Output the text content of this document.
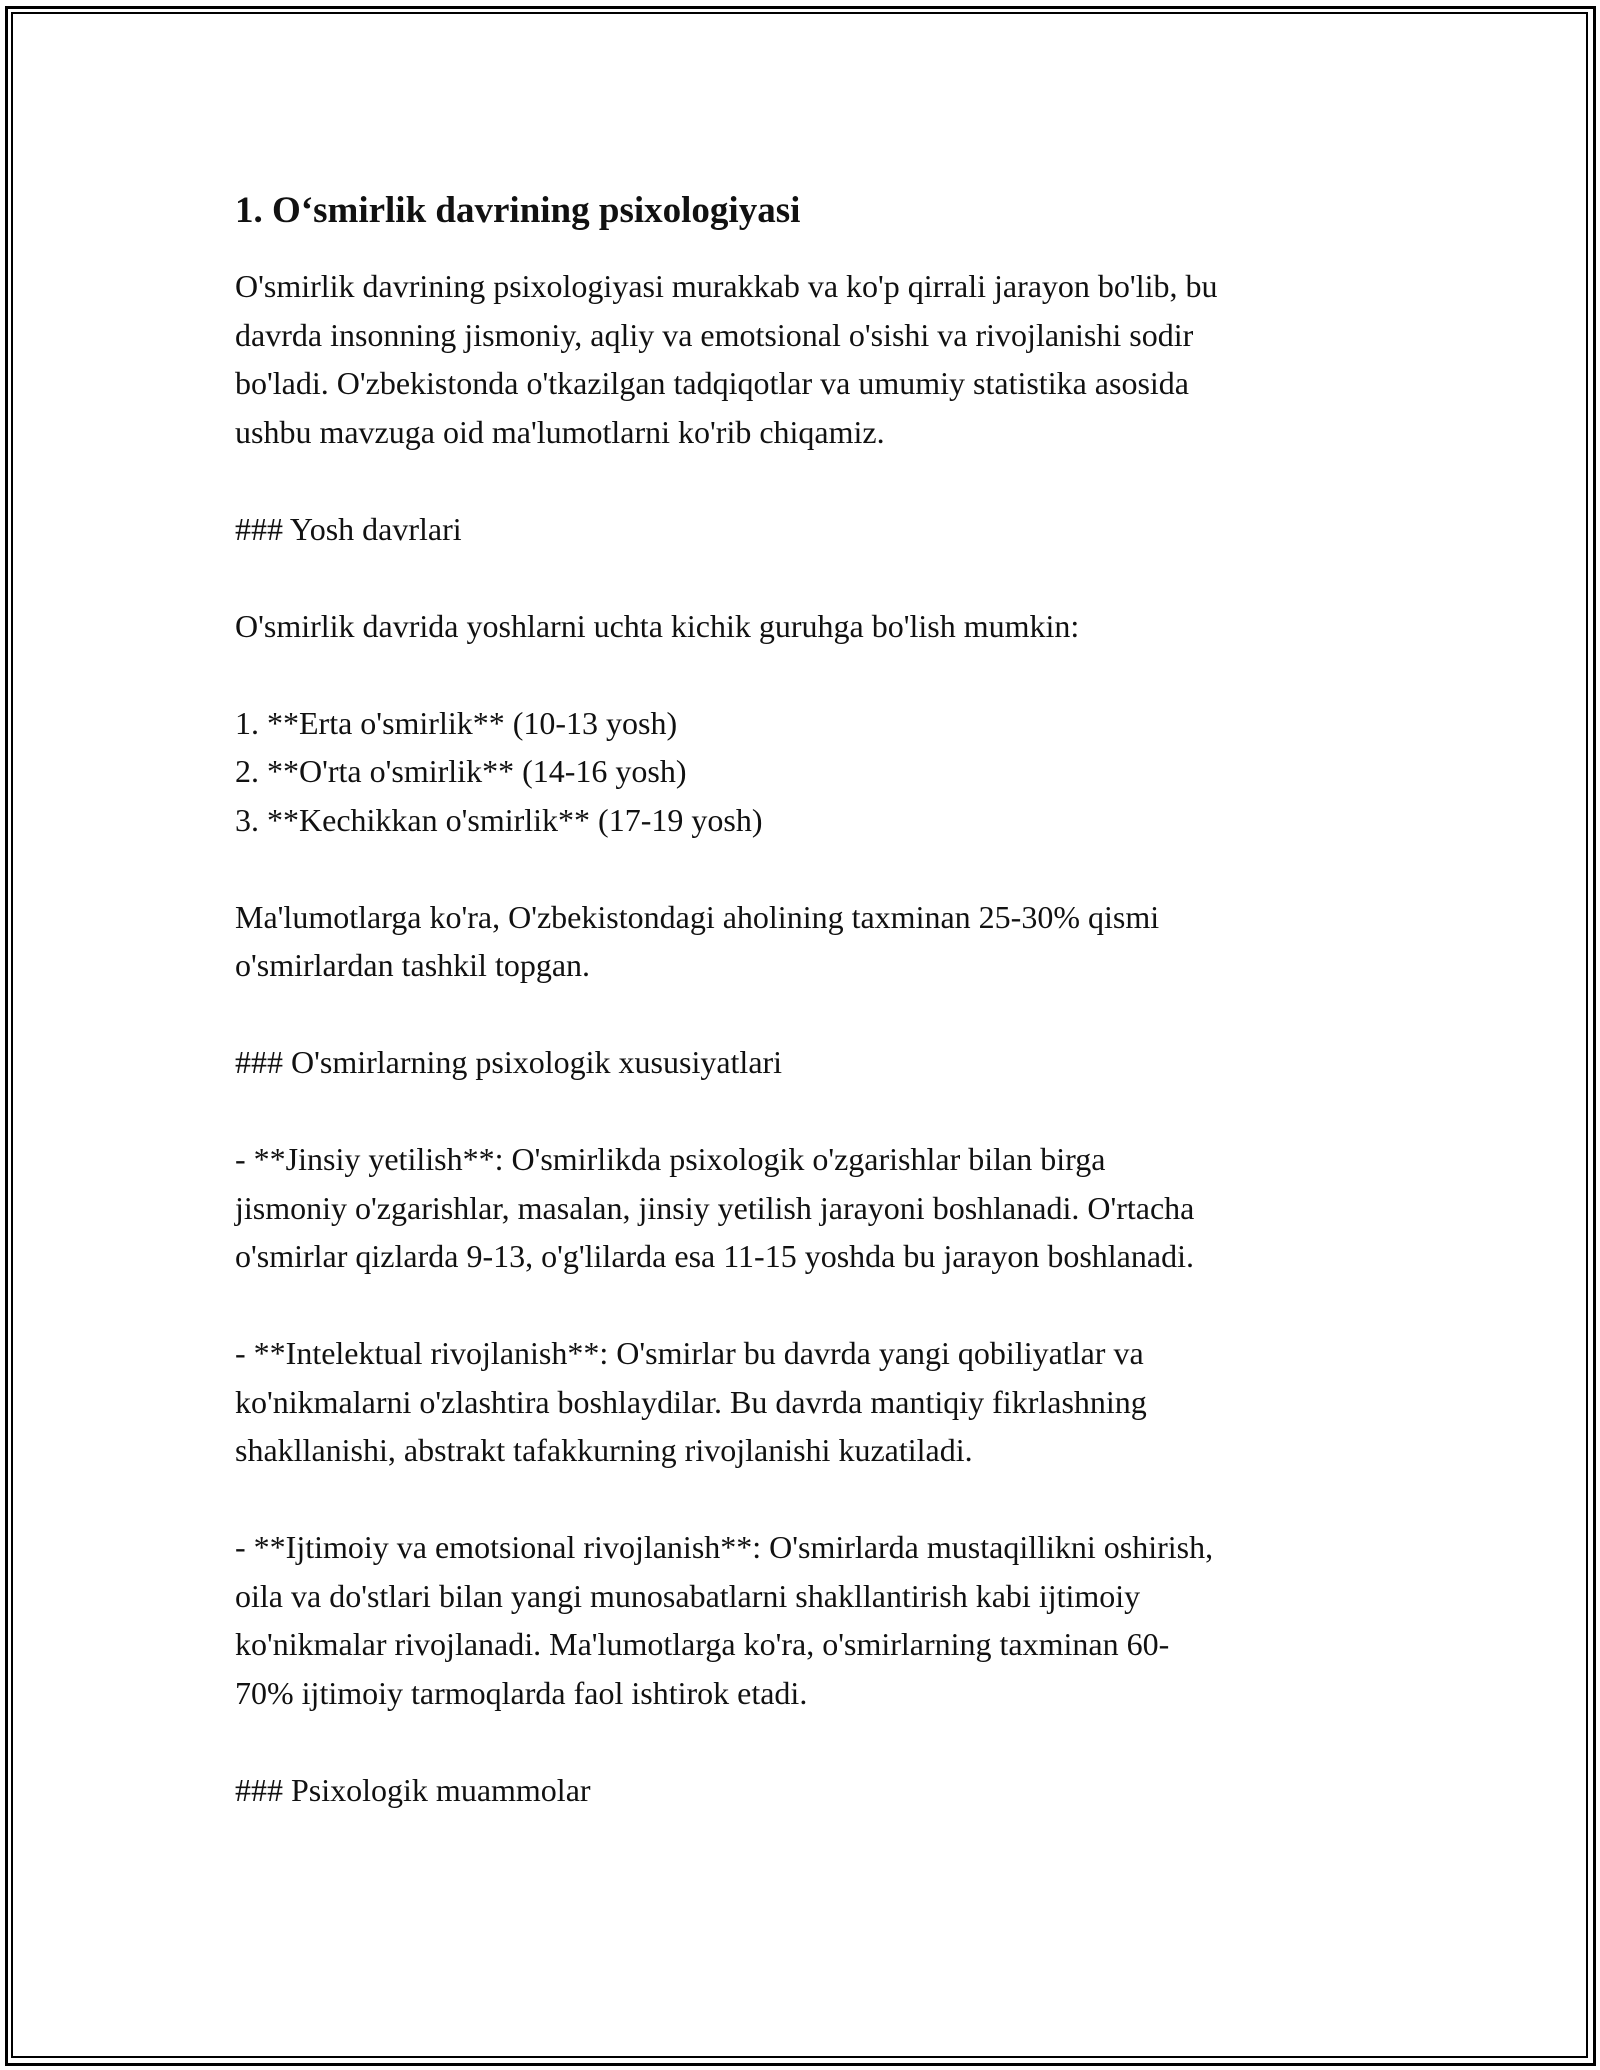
1. O‘smirlik davrining psixologiyasi
O'smirlik davrining psixologiyasi murakkab va ko'p qirrali jarayon bo'lib, bu
davrda insonning jismoniy, aqliy va emotsional o'sishi va rivojlanishi sodir
bo'ladi. O'zbekistonda o'tkazilgan tadqiqotlar va umumiy statistika asosida
ushbu mavzuga oid ma'lumotlarni ko'rib chiqamiz.
### Yosh davrlari
O'smirlik davrida yoshlarni uchta kichik guruhga bo'lish mumkin:
1. **Erta o'smirlik** (10-13 yosh)
2. **O'rta o'smirlik** (14-16 yosh)
3. **Kechikkan o'smirlik** (17-19 yosh)
Ma'lumotlarga ko'ra, O'zbekistondagi aholining taxminan 25-30% qismi
o'smirlardan tashkil topgan.
### O'smirlarning psixologik xususiyatlari
- **Jinsiy yetilish**: O'smirlikda psixologik o'zgarishlar bilan birga
jismoniy o'zgarishlar, masalan, jinsiy yetilish jarayoni boshlanadi. O'rtacha
o'smirlar qizlarda 9-13, o'g'lilarda esa 11-15 yoshda bu jarayon boshlanadi.
- **Intelektual rivojlanish**: O'smirlar bu davrda yangi qobiliyatlar va
ko'nikmalarni o'zlashtira boshlaydilar. Bu davrda mantiqiy fikrlashning
shakllanishi, abstrakt tafakkurning rivojlanishi kuzatiladi.
- **Ijtimoiy va emotsional rivojlanish**: O'smirlarda mustaqillikni oshirish,
oila va do'stlari bilan yangi munosabatlarni shakllantirish kabi ijtimoiy
ko'nikmalar rivojlanadi. Ma'lumotlarga ko'ra, o'smirlarning taxminan 60-
70% ijtimoiy tarmoqlarda faol ishtirok etadi.
### Psixologik muammolar
